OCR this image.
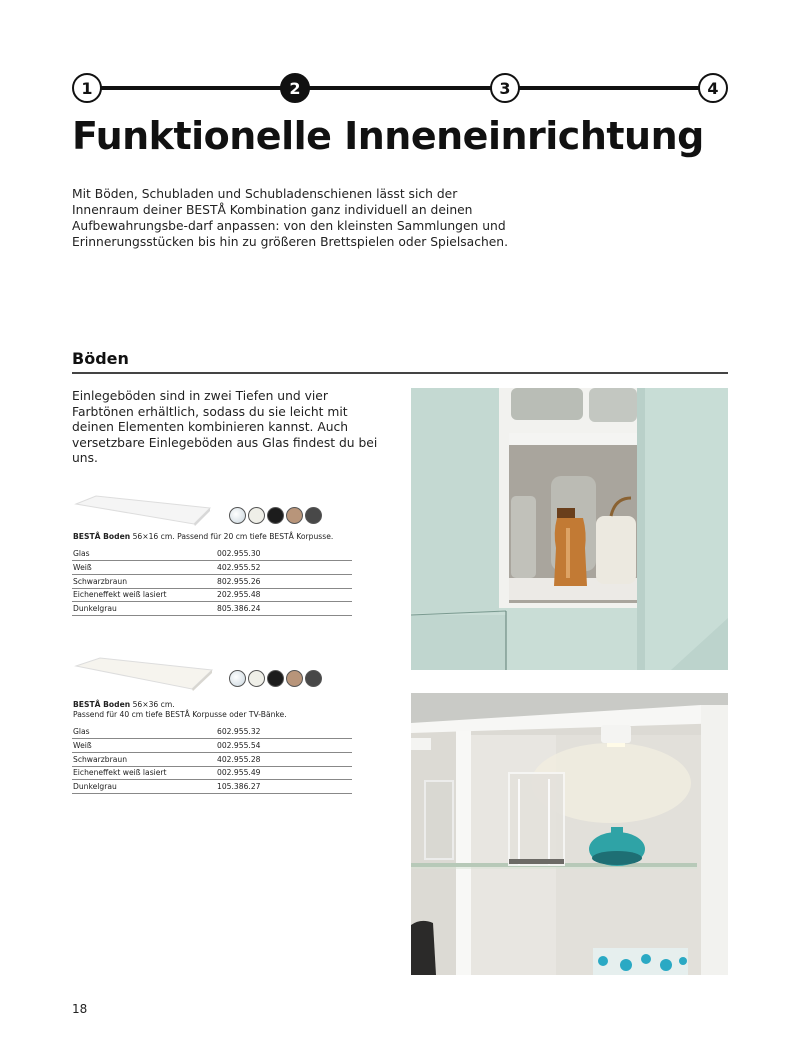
1	2	3	4
Funktionelle Inneneinrichtung

Mit Böden, Schubladen und Schubladenschienen lässt sich der Innenraum deiner BESTÅ Kombination ganz individuell an deinen Aufbewahrungsbe-darf anpassen: von den kleinsten Sammlungen und Erinnerungsstücken bis hin zu größeren Brettspielen oder Spielsachen.

Böden

Einlegeböden sind in zwei Tiefen und vier Farbtönen erhältlich, sodass du sie leicht mit deinen Elementen kombinieren kannst. Auch versetzbare Einlegeböden aus Glas findest du bei uns.

BESTÅ Boden 56×16 cm. Passend für 20 cm tiefe BESTÅ Korpusse.
Glas	002.955.30
Weiß	402.955.52
Schwarzbraun	802.955.26
Eicheneffekt weiß lasiert	202.955.48
Dunkelgrau	805.386.24
BESTÅ Boden 56×36 cm.
Passend für 40 cm tiefe BESTÅ Korpusse oder TV-Bänke.
Glas	602.955.32
Weiß	002.955.54
Schwarzbraun	402.955.28
Eicheneffekt weiß lasiert	002.955.49
Dunkelgrau	105.386.27
18
